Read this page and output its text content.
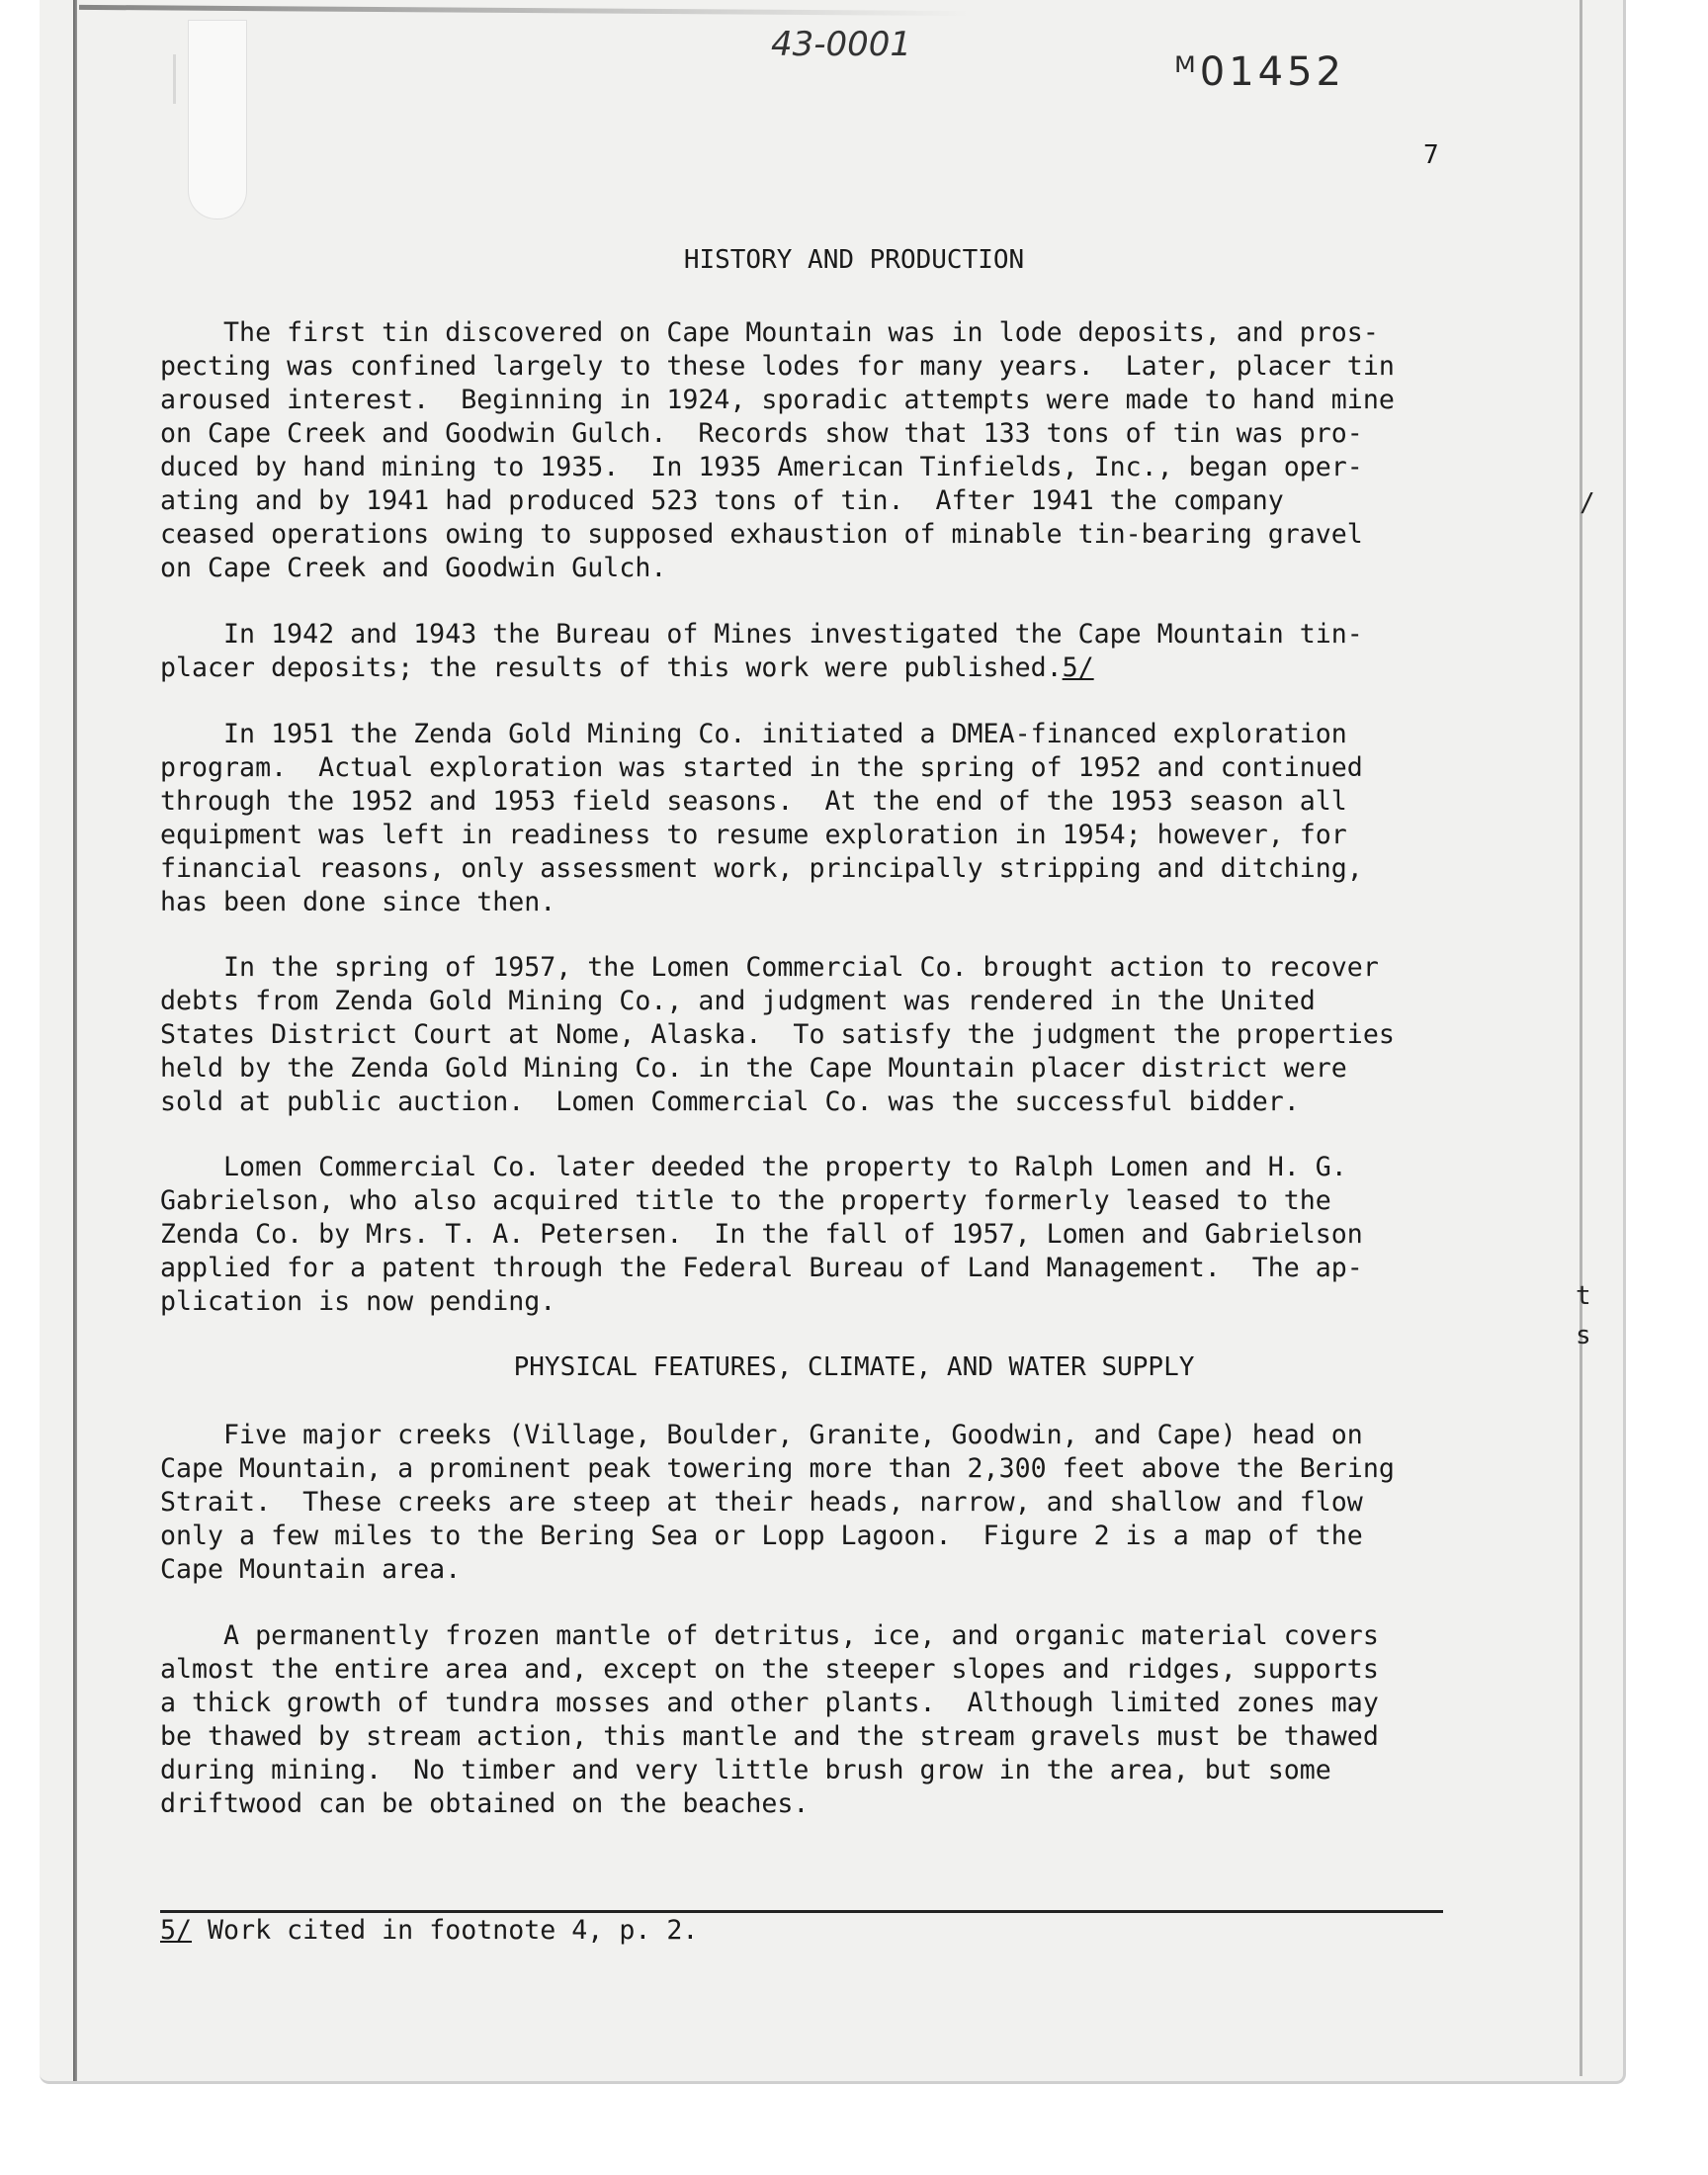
43-0001
ᴹ01452
7
HISTORY AND PRODUCTION

The first tin discovered on Cape Mountain was in lode deposits, and pros-
pecting was confined largely to these lodes for many years.  Later, placer tin
aroused interest.  Beginning in 1924, sporadic attempts were made to hand mine
on Cape Creek and Goodwin Gulch.  Records show that 133 tons of tin was pro-
duced by hand mining to 1935.  In 1935 American Tinfields, Inc., began oper-
ating and by 1941 had produced 523 tons of tin.  After 1941 the company
ceased operations owing to supposed exhaustion of minable tin-bearing gravel
on Cape Creek and Goodwin Gulch.

In 1942 and 1943 the Bureau of Mines investigated the Cape Mountain tin-
placer deposits; the results of this work were published.5/

In 1951 the Zenda Gold Mining Co. initiated a DMEA-financed exploration
program.  Actual exploration was started in the spring of 1952 and continued
through the 1952 and 1953 field seasons.  At the end of the 1953 season all
equipment was left in readiness to resume exploration in 1954; however, for
financial reasons, only assessment work, principally stripping and ditching,
has been done since then.

In the spring of 1957, the Lomen Commercial Co. brought action to recover
debts from Zenda Gold Mining Co., and judgment was rendered in the United
States District Court at Nome, Alaska.  To satisfy the judgment the properties
held by the Zenda Gold Mining Co. in the Cape Mountain placer district were
sold at public auction.  Lomen Commercial Co. was the successful bidder.

Lomen Commercial Co. later deeded the property to Ralph Lomen and H. G.
Gabrielson, who also acquired title to the property formerly leased to the
Zenda Co. by Mrs. T. A. Petersen.  In the fall of 1957, Lomen and Gabrielson
applied for a patent through the Federal Bureau of Land Management.  The ap-
plication is now pending.

PHYSICAL FEATURES, CLIMATE, AND WATER SUPPLY

Five major creeks (Village, Boulder, Granite, Goodwin, and Cape) head on
Cape Mountain, a prominent peak towering more than 2,300 feet above the Bering
Strait.  These creeks are steep at their heads, narrow, and shallow and flow
only a few miles to the Bering Sea or Lopp Lagoon.  Figure 2 is a map of the
Cape Mountain area.

A permanently frozen mantle of detritus, ice, and organic material covers
almost the entire area and, except on the steeper slopes and ridges, supports
a thick growth of tundra mosses and other plants.  Although limited zones may
be thawed by stream action, this mantle and the stream gravels must be thawed
during mining.  No timber and very little brush grow in the area, but some
driftwood can be obtained on the beaches.

5/ Work cited in footnote 4, p. 2.
/
t
s
